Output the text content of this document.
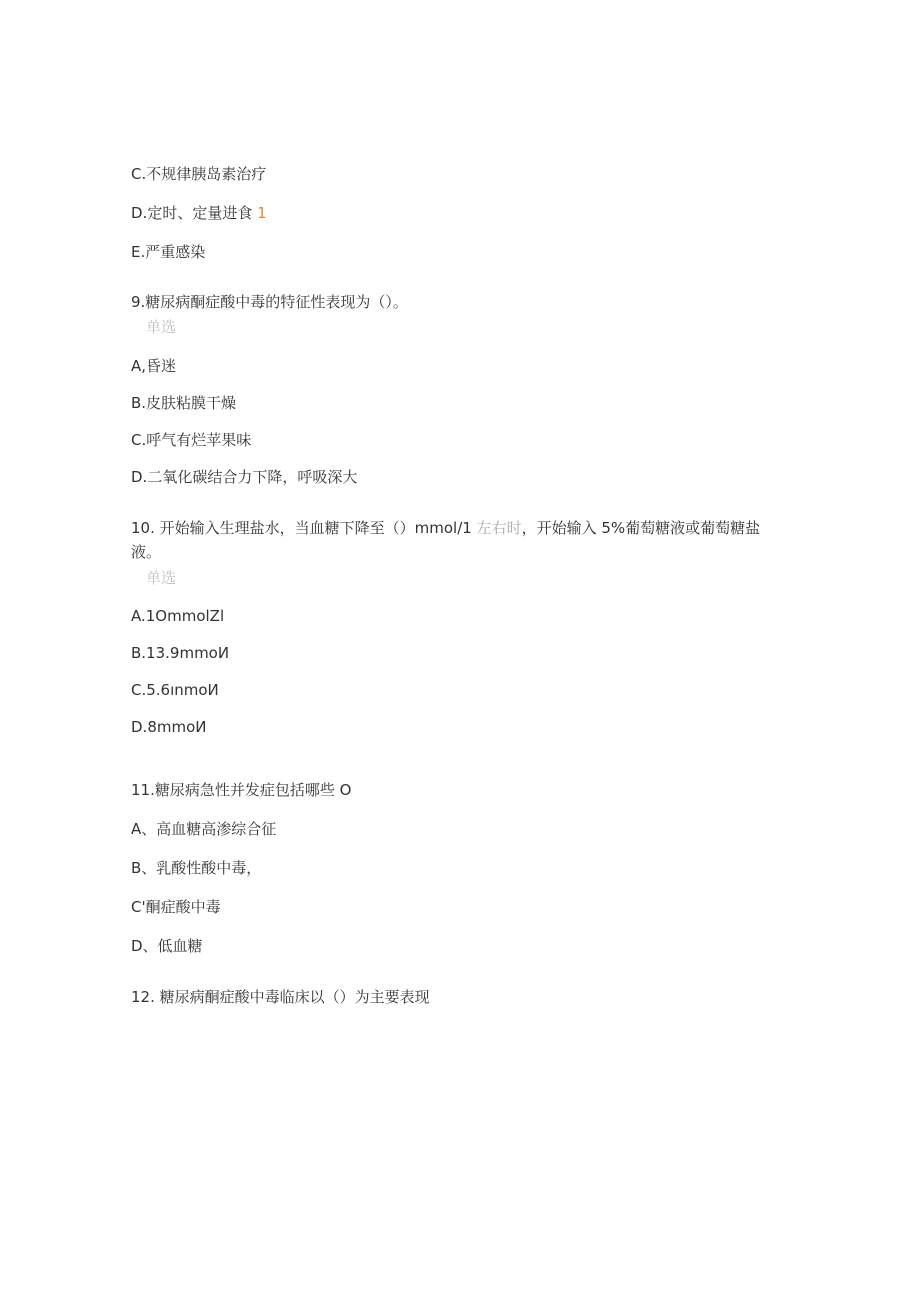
C.不规律胰岛素治疗
D.定时、定量进食 1
E.严重感染
9.糖尿病酮症酸中毒的特征性表现为（）。
单选
A,昏迷
B.皮肤粘膜干燥
C.呼气有烂苹果味
D.二氧化碳结合力下降，呼吸深大
10. 开始输入生理盐水，当血糖下降至（）mmol/1 左右时，开始输入 5%葡萄糖液或葡萄糖盐液。
单选
A.1OmmolZl
B.13.9mmoИ
C.5.6ınmoИ
D.8mmoИ
11.糖尿病急性并发症包括哪些 O
A、高血糖高渗综合征
B、乳酸性酸中毒，
C'酮症酸中毒
D、低血糖
12. 糖尿病酮症酸中毒临床以（）为主要表现
